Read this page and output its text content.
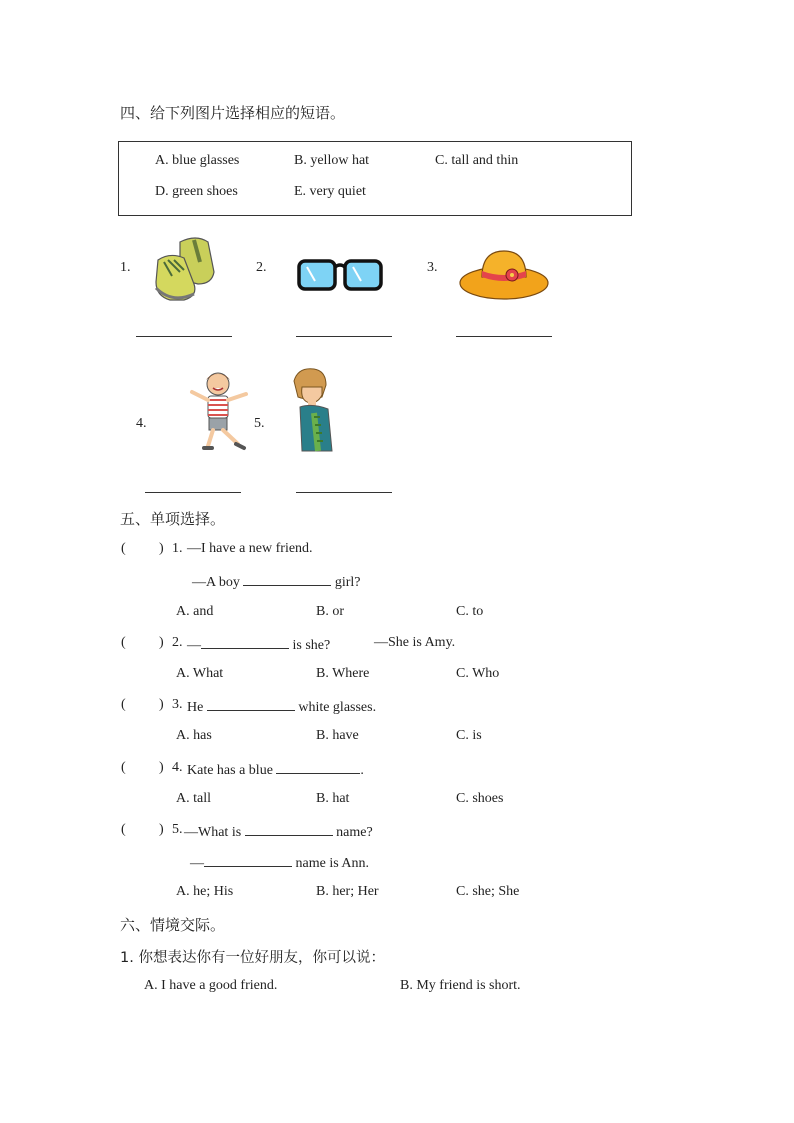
四、给下列图片选择相应的短语。
A. blue glasses	B. yellow hat	C. tall and thin
D. green shoes	E. very quiet
1.	2.	3.
4.	5.
五、单项选择。
( ) 1. —I have a new friend.
—A boy	girl?
A. and	B. or	C. to
( ) 2. —	is she?	—She is Amy.
A. What	B. Where	C. Who
( ) 3. He	white glasses.
A. has	B. have	C. is
( ) 4. Kate has a blue	.
A. tall	B. hat	C. shoes
( ) 5. —What is	name?
—	name is Ann.
A. he; His	B. her; Her	C. she; She
六、情境交际。
1. 你想表达你有一位好朋友，你可以说：
A. I have a good friend.	B. My friend is short.
